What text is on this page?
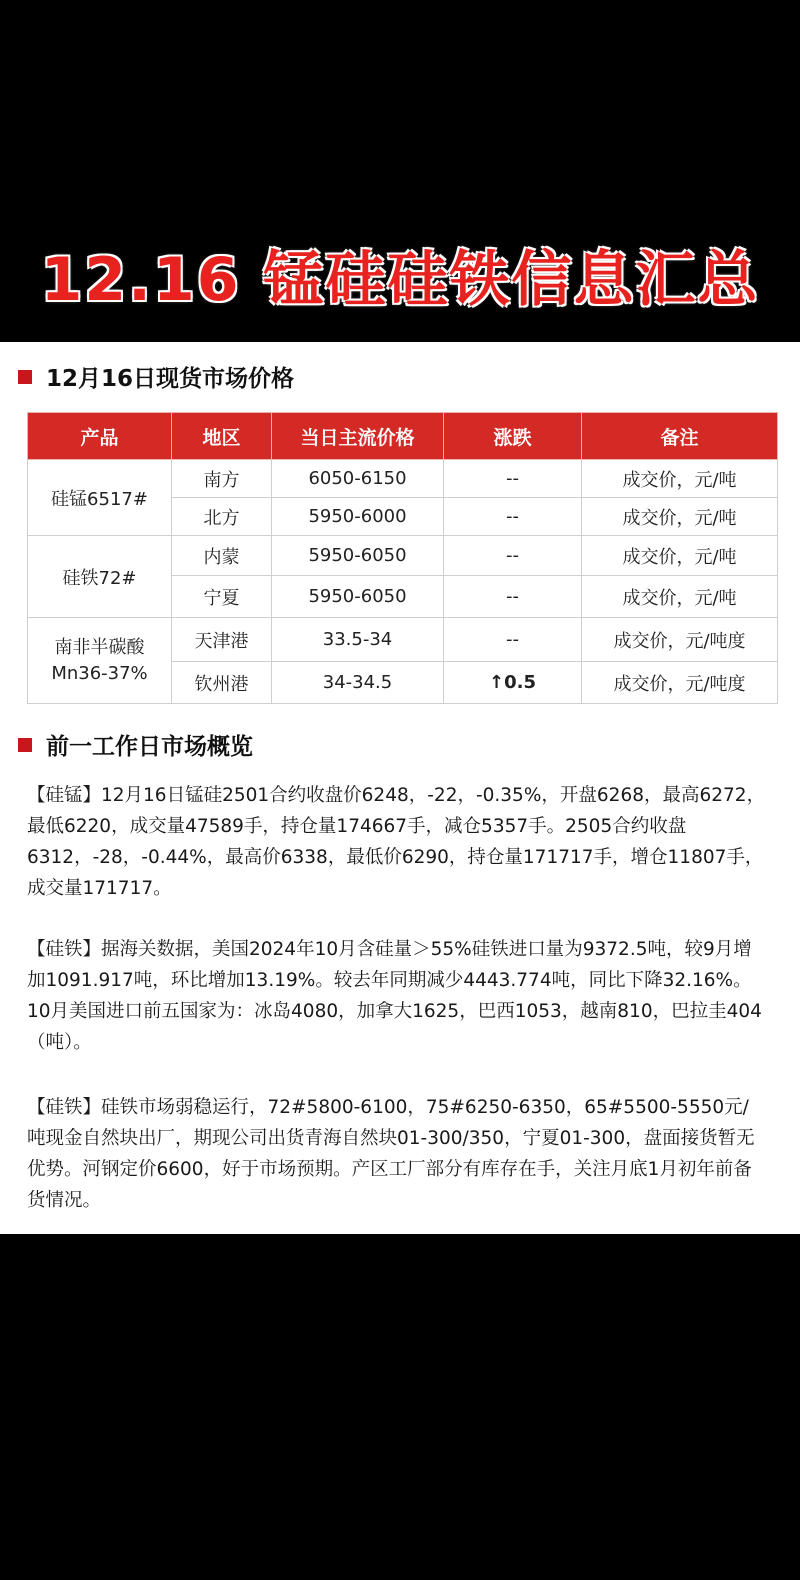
12.16 锰硅硅铁信息汇总
12月16日现货市场价格
产品	地区	当日主流价格	涨跌	备注
硅锰6517#	南方	6050-6150	--	成交价，元/吨
	北方	5950-6000	--	成交价，元/吨
硅铁72#	内蒙	5950-6050	--	成交价，元/吨
	宁夏	5950-6050	--	成交价，元/吨

南非半碳酸
Mn36-37%	天津港	33.5-34	--	成交价，元/吨度
	钦州港	34-34.5	↑0.5	成交价，元/吨度
前一工作日市场概览

【硅锰】12月16日锰硅2501合约收盘价6248，-22，-0.35%，开盘6268，最高6272，最低6220，成交量47589手，持仓量174667手，减仓5357手。2505合约收盘6312，-28，-0.44%，最高价6338，最低价6290，持仓量171717手，增仓11807手，成交量171717。

【硅铁】据海关数据，美国2024年10月含硅量＞55%硅铁进口量为9372.5吨，较9月增加1091.917吨，环比增加13.19%。较去年同期减少4443.774吨，同比下降32.16%。10月美国进口前五国家为：冰岛4080，加拿大1625，巴西1053，越南810，巴拉圭404（吨）。

【硅铁】硅铁市场弱稳运行，72#5800-6100，75#6250-6350，65#5500-5550元/吨现金自然块出厂，期现公司出货青海自然块01-300/350，宁夏01-300，盘面接货暂无优势。河钢定价6600，好于市场预期。产区工厂部分有库存在手，关注月底1月初年前备货情况。
